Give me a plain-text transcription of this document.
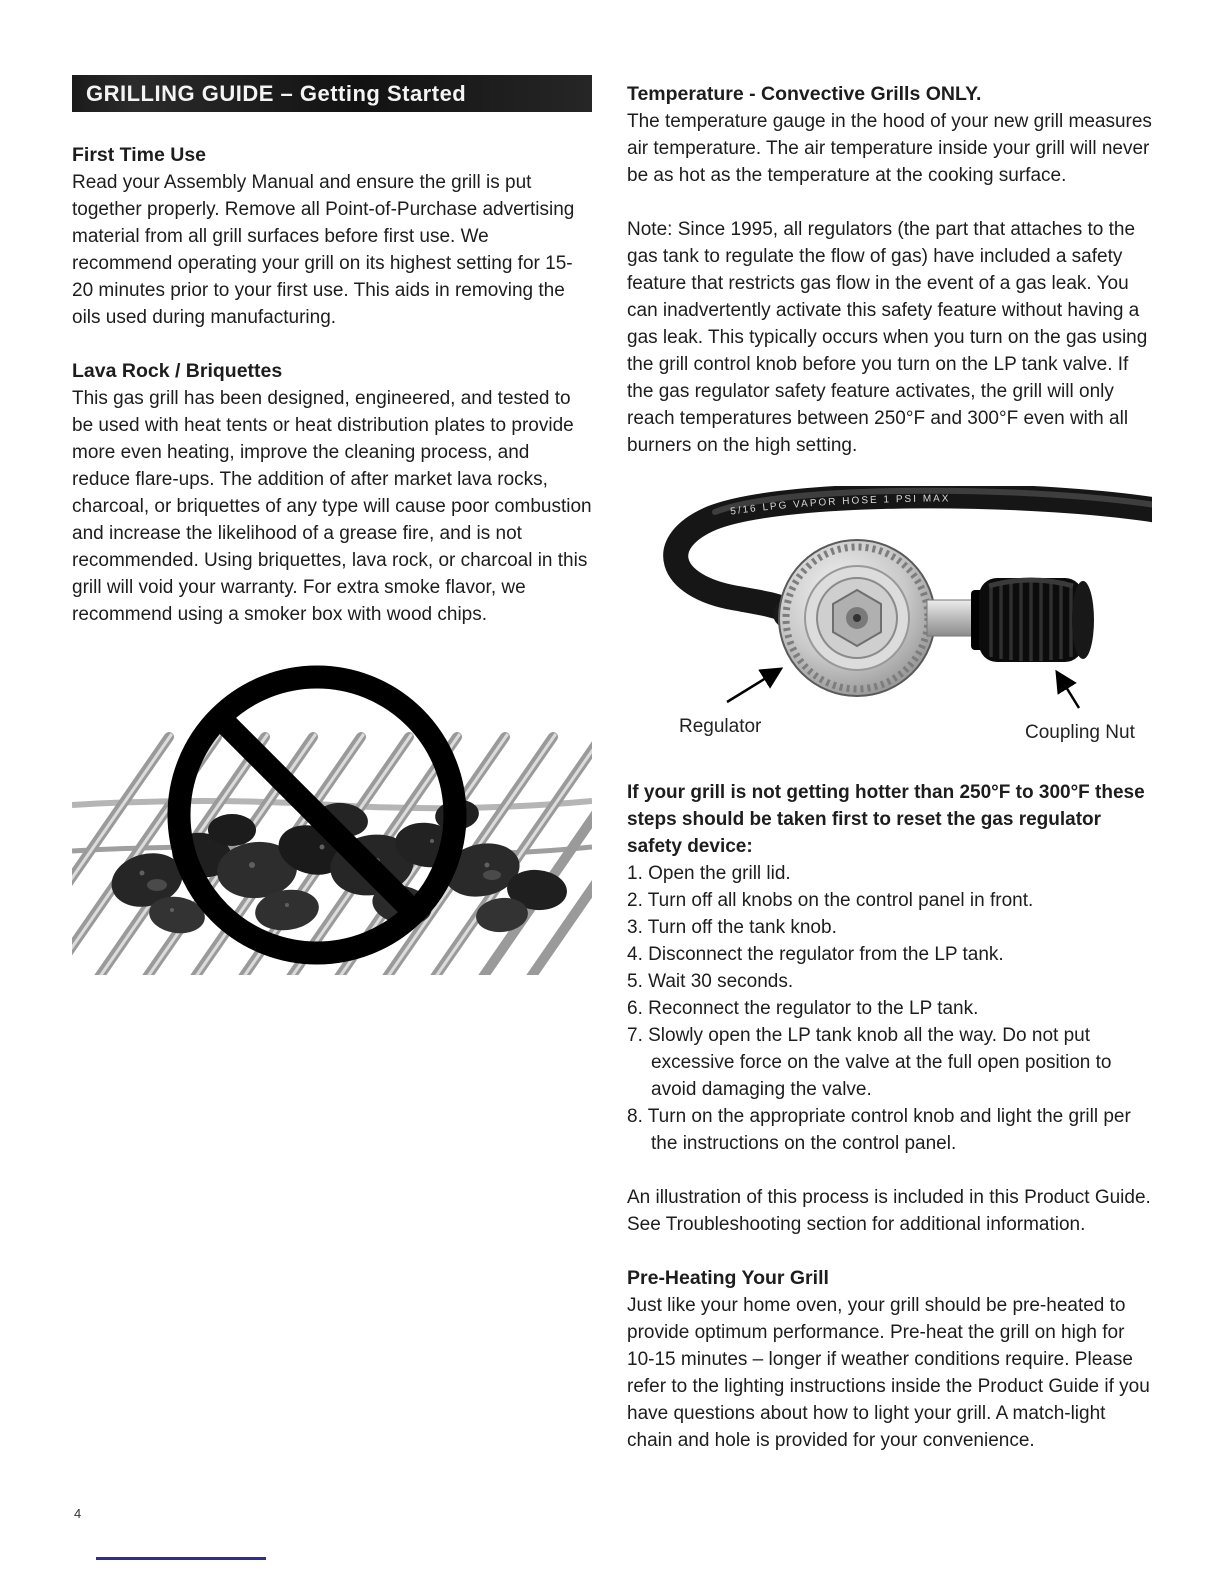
GRILLING GUIDE – Getting Started
First Time Use

Read your Assembly Manual and ensure the grill is put together properly. Remove all Point-of-Purchase advertising material from all grill surfaces before first use. We recommend operating your grill on its highest setting for 15-20 minutes prior to your first use. This aids in removing the oils used during manufacturing.

Lava Rock / Briquettes

This gas grill has been designed, engineered, and tested to be used with heat tents or heat distribution plates to provide more even heating, improve the cleaning process, and reduce flare-ups. The addition of after market lava rocks, charcoal, or briquettes of any type will cause poor combustion and increase the likelihood of a grease fire, and is not recommended. Using briquettes, lava rock, or charcoal in this grill will void your warranty. For extra smoke flavor, we recommend using a smoker box with wood chips.

Temperature - Convective Grills ONLY.

The temperature gauge in the hood of your new grill measures air temperature. The air temperature inside your grill will never be as hot as the temperature at the cooking surface.

Note: Since 1995, all regulators (the part that attaches to the gas tank to regulate the flow of gas) have included a safety feature that restricts gas flow in the event of a gas leak. You can inadvertently activate this safety feature without having a gas leak. This typically occurs when you turn on the gas using the grill control knob before you turn on the LP tank valve. If the gas regulator safety feature activates, the grill will only reach temperatures between 250°F and 300°F even with all burners on the high setting.

5/16 LPG VAPOR HOSE 1 PSI MAX
Regulator	Coupling Nut
If your grill is not getting hotter than 250°F to 300°F these steps should be taken first to reset the gas regulator safety device:
1. Open the grill lid.
2. Turn off all knobs on the control panel in front.
3. Turn off the tank knob.
4. Disconnect the regulator from the LP tank.
5. Wait 30 seconds.
6. Reconnect the regulator to the LP tank.
7. Slowly open the LP tank knob all the way. Do not put excessive force on the valve at the full open position to avoid damaging the valve.
8. Turn on the appropriate control knob and light the grill per the instructions on the control panel.

An illustration of this process is included in this Product Guide. See Troubleshooting section for additional information.

Pre-Heating Your Grill

Just like your home oven, your grill should be pre-heated to provide optimum performance. Pre-heat the grill on high for 10-15 minutes – longer if weather conditions require. Please refer to the lighting instructions inside the Product Guide if you have questions about how to light your grill. A match-light chain and hole is provided for your convenience.

4
